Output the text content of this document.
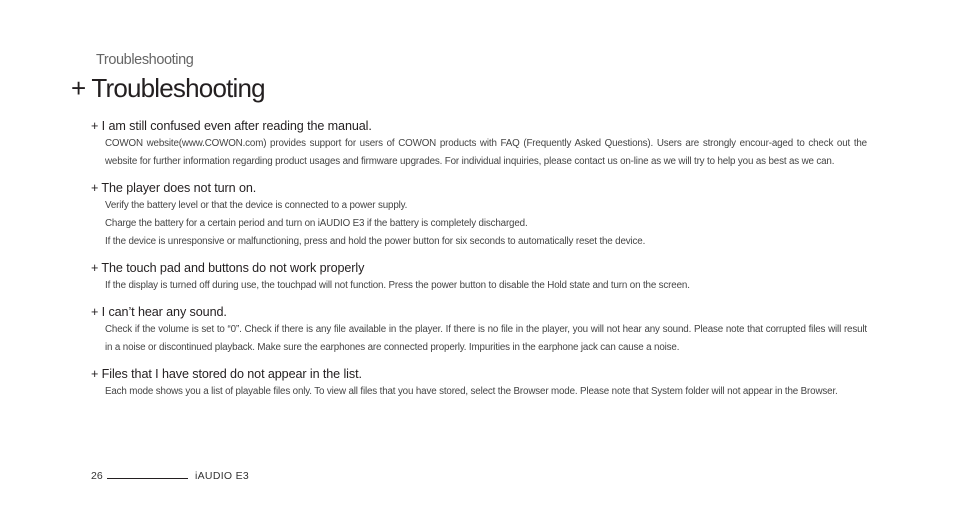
Troubleshooting
+ Troubleshooting
+ I am still confused even after reading the manual.

COWON website(www.COWON.com) provides support for users of COWON products with FAQ (Frequently Asked Questions). Users are strongly encour-aged to check out the website for further information regarding product usages and firmware upgrades. For individual inquiries, please contact us on-line as we will try to help you as best as we can.

+ The player does not turn on.

Verify the battery level or that the device is connected to a power supply.

Charge the battery for a certain period and turn on iAUDIO E3 if the battery is completely discharged.

If the device is unresponsive or malfunctioning, press and hold the power button for six seconds to automatically reset the device.

+ The touch pad and buttons do not work properly

If the display is turned off during use, the touchpad will not function. Press the power button to disable the Hold state and turn on the screen.

+ I can’t hear any sound.

Check if the volume is set to “0”. Check if there is any file available in the player. If there is no file in the player, you will not hear any sound. Please note that corrupted files will result in a noise or discontinued playback. Make sure the earphones are connected properly. Impurities in the earphone jack can cause a noise.

+ Files that I have stored do not appear in the list.

Each mode shows you a list of playable files only. To view all files that you have stored, select the Browser mode. Please note that System folder will not appear in the Browser.

26	iAUDIO E3
